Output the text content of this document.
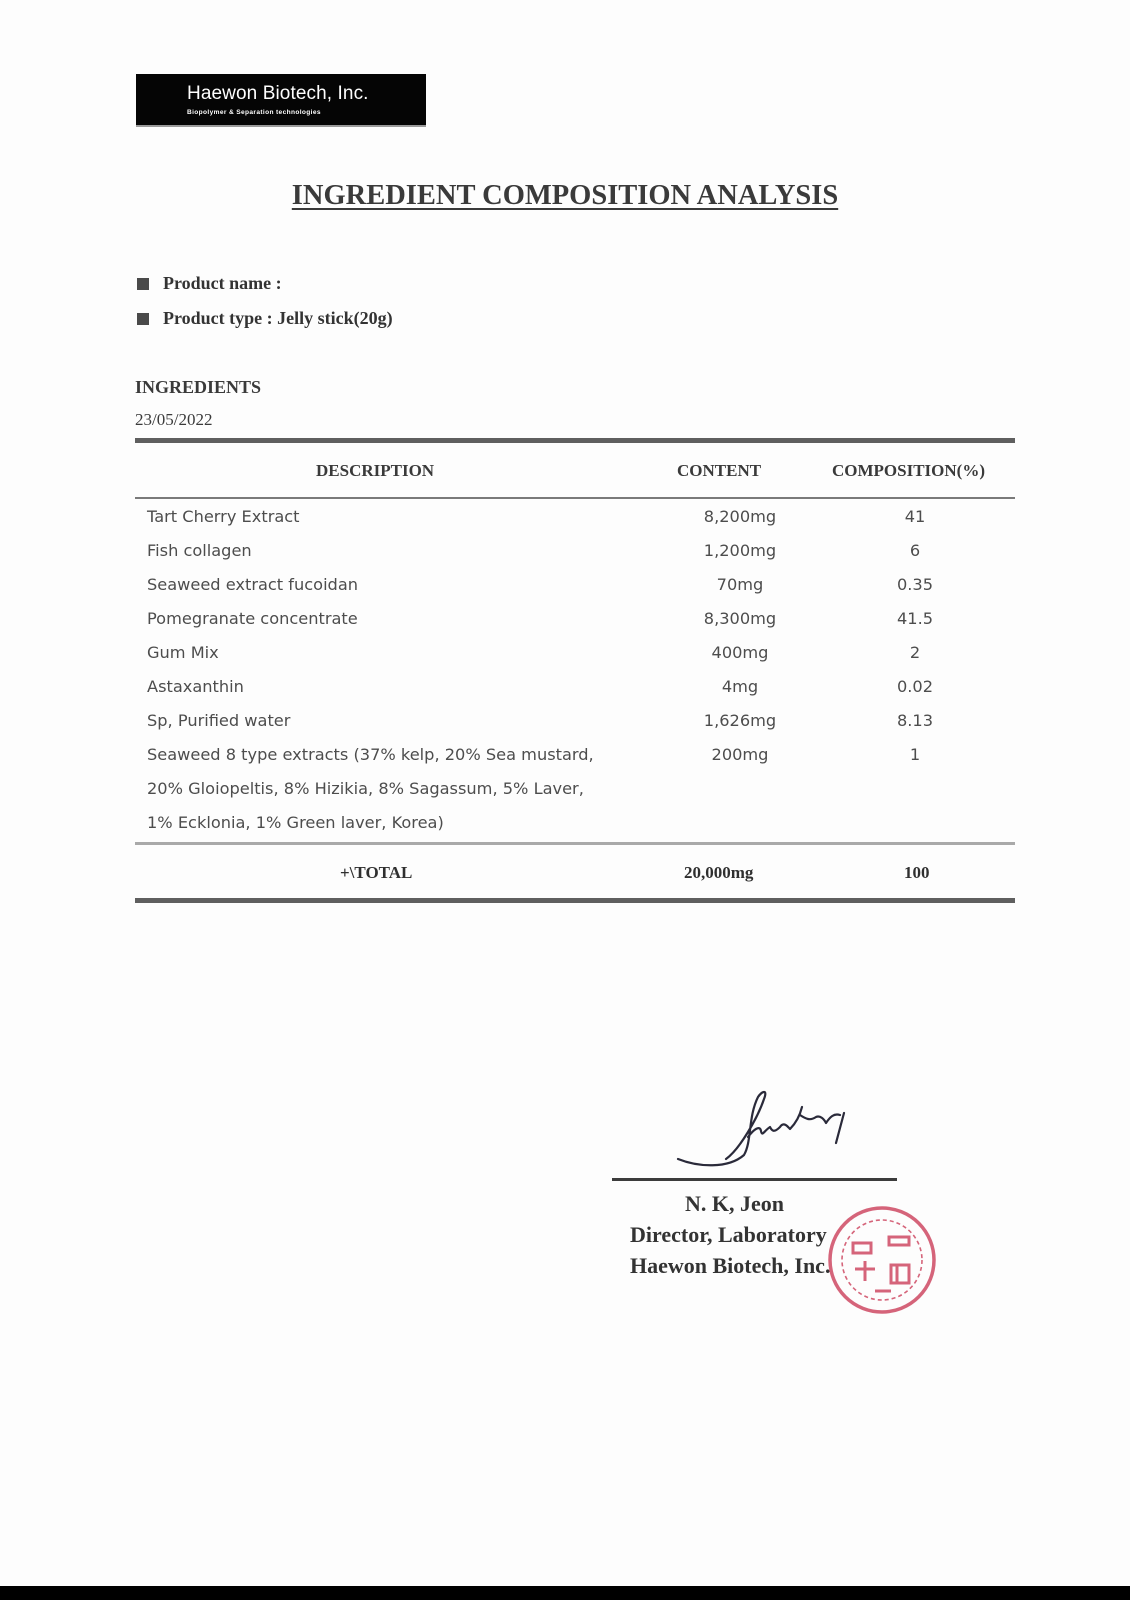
Haewon Biotech, Inc.
Biopolymer & Separation technologies
INGREDIENT COMPOSITION ANALYSIS
Product name :
Product type : Jelly stick(20g)
INGREDIENTS
23/05/2022
DESCRIPTION	CONTENT	COMPOSITION(%)
Tart Cherry Extract	8,200mg	41
Fish collagen	1,200mg	6
Seaweed extract fucoidan	70mg	0.35
Pomegranate concentrate	8,300mg	41.5
Gum Mix	400mg	2
Astaxanthin	4mg	0.02
Sp, Purified water	1,626mg	8.13
Seaweed 8 type extracts (37% kelp, 20% Sea mustard,	200mg	1
20% Gloiopeltis, 8% Hizikia, 8% Sagassum, 5% Laver,
1% Ecklonia, 1% Green laver, Korea)
+\TOTAL	20,000mg	100
N. K, Jeon
Director, Laboratory
Haewon Biotech, Inc.
